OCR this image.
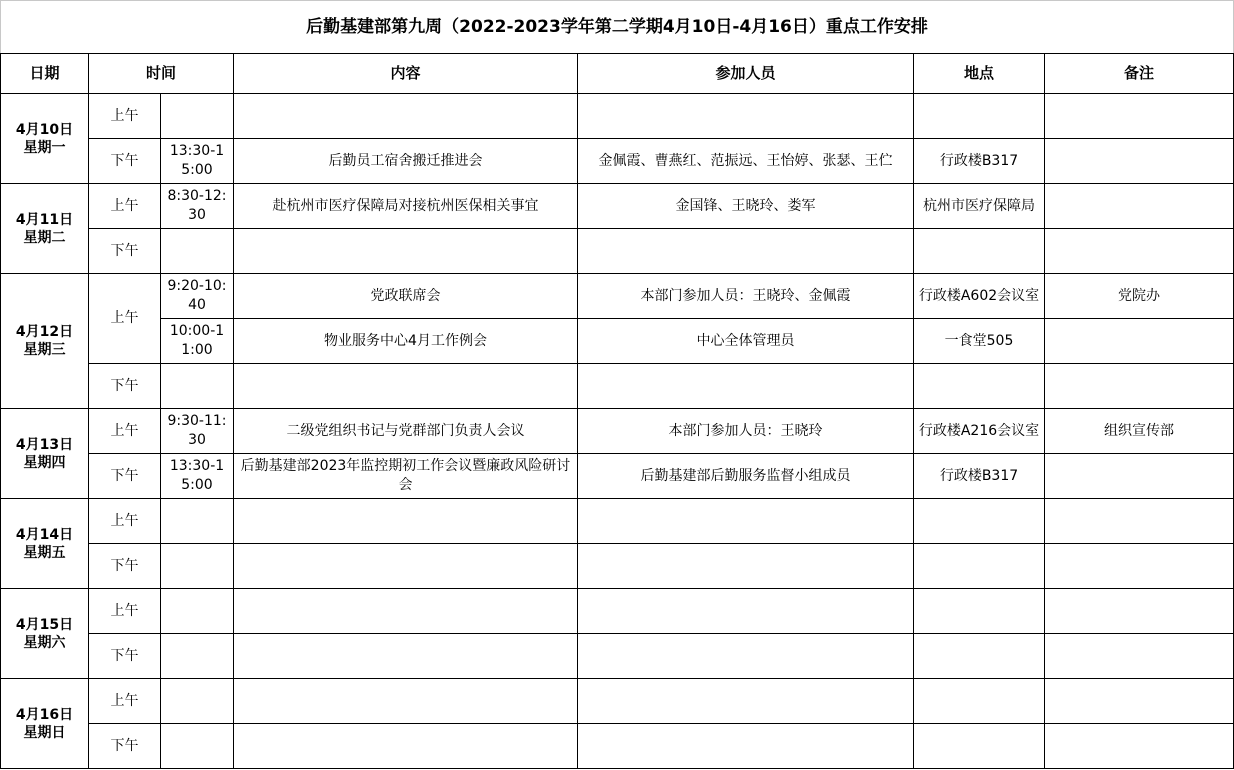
后勤基建部第九周（2022-2023学年第二学期4月10日-4月16日）重点工作安排						
日期	时间		内容	参加人员	地点	备注

4月10日
星期一	上午					
	下午	13:30-15:00	后勤员工宿舍搬迁推进会	金佩霞、曹燕红、范振远、王怡婷、张瑟、王伫	行政楼B317	

4月11日
星期二	上午	8:30-12:30	赴杭州市医疗保障局对接杭州医保相关事宜	金国锋、王晓玲、娄军	杭州市医疗保障局	
	下午					

4月12日
星期三	上午	9:20-10:40	党政联席会	本部门参加人员：王晓玲、金佩霞	行政楼A602会议室	党院办
		10:00-11:00	物业服务中心4月工作例会	中心全体管理员	一食堂505	
	下午					

4月13日
星期四	上午	9:30-11:30	二级党组织书记与党群部门负责人会议	本部门参加人员：王晓玲	行政楼A216会议室	组织宣传部
	下午	13:30-15:00	后勤基建部2023年监控期初工作会议暨廉政风险研讨会	后勤基建部后勤服务监督小组成员	行政楼B317	

4月14日
星期五	上午					
	下午					

4月15日
星期六	上午					
	下午					

4月16日
星期日	上午					
	下午					
